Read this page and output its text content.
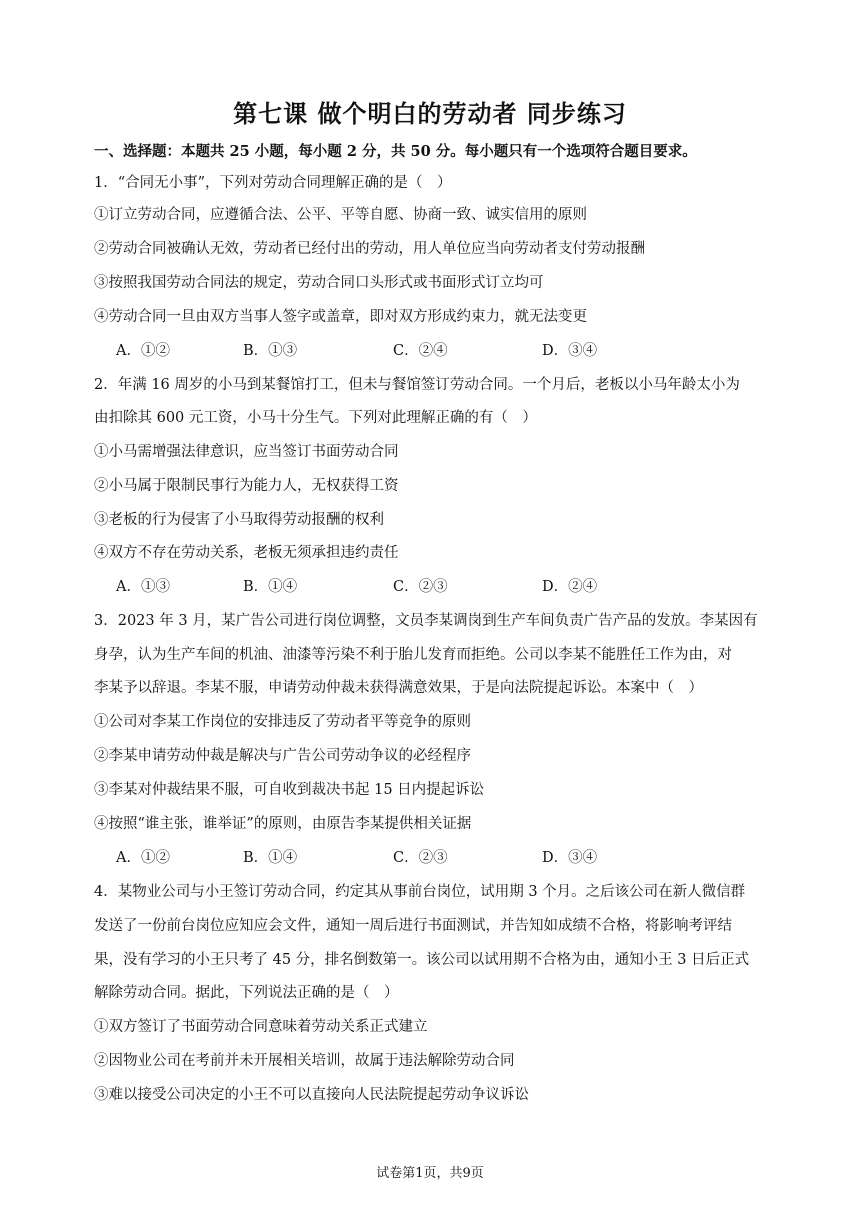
第七课 做个明白的劳动者 同步练习
一、选择题：本题共 25 小题，每小题 2 分，共 50 分。每小题只有一个选项符合题目要求。
1．“合同无小事”，下列对劳动合同理解正确的是（　）
①订立劳动合同，应遵循合法、公平、平等自愿、协商一致、诚实信用的原则
②劳动合同被确认无效，劳动者已经付出的劳动，用人单位应当向劳动者支付劳动报酬
③按照我国劳动合同法的规定，劳动合同口头形式或书面形式订立均可
④劳动合同一旦由双方当事人签字或盖章，即对双方形成约束力，就无法变更
A．①②	B．①③	C．②④	D．③④
2．年满 16 周岁的小马到某餐馆打工，但未与餐馆签订劳动合同。一个月后，老板以小马年龄太小为
由扣除其 600 元工资，小马十分生气。下列对此理解正确的有（　）
①小马需增强法律意识，应当签订书面劳动合同
②小马属于限制民事行为能力人，无权获得工资
③老板的行为侵害了小马取得劳动报酬的权利
④双方不存在劳动关系，老板无须承担违约责任
A．①③	B．①④	C．②③	D．②④
3．2023 年 3 月，某广告公司进行岗位调整，文员李某调岗到生产车间负责广告产品的发放。李某因有
身孕，认为生产车间的机油、油漆等污染不利于胎儿发育而拒绝。公司以李某不能胜任工作为由，对
李某予以辞退。李某不服，申请劳动仲裁未获得满意效果，于是向法院提起诉讼。本案中（　）
①公司对李某工作岗位的安排违反了劳动者平等竞争的原则
②李某申请劳动仲裁是解决与广告公司劳动争议的必经程序
③李某对仲裁结果不服，可自收到裁决书起 15 日内提起诉讼
④按照“谁主张，谁举证”的原则，由原告李某提供相关证据
A．①②	B．①④	C．②③	D．③④
4．某物业公司与小王签订劳动合同，约定其从事前台岗位，试用期 3 个月。之后该公司在新人微信群
发送了一份前台岗位应知应会文件，通知一周后进行书面测试，并告知如成绩不合格，将影响考评结
果，没有学习的小王只考了 45 分，排名倒数第一。该公司以试用期不合格为由，通知小王 3 日后正式
解除劳动合同。据此，下列说法正确的是（　）
①双方签订了书面劳动合同意味着劳动关系正式建立
②因物业公司在考前并未开展相关培训，故属于违法解除劳动合同
③难以接受公司决定的小王不可以直接向人民法院提起劳动争议诉讼
试卷第1页，共9页
